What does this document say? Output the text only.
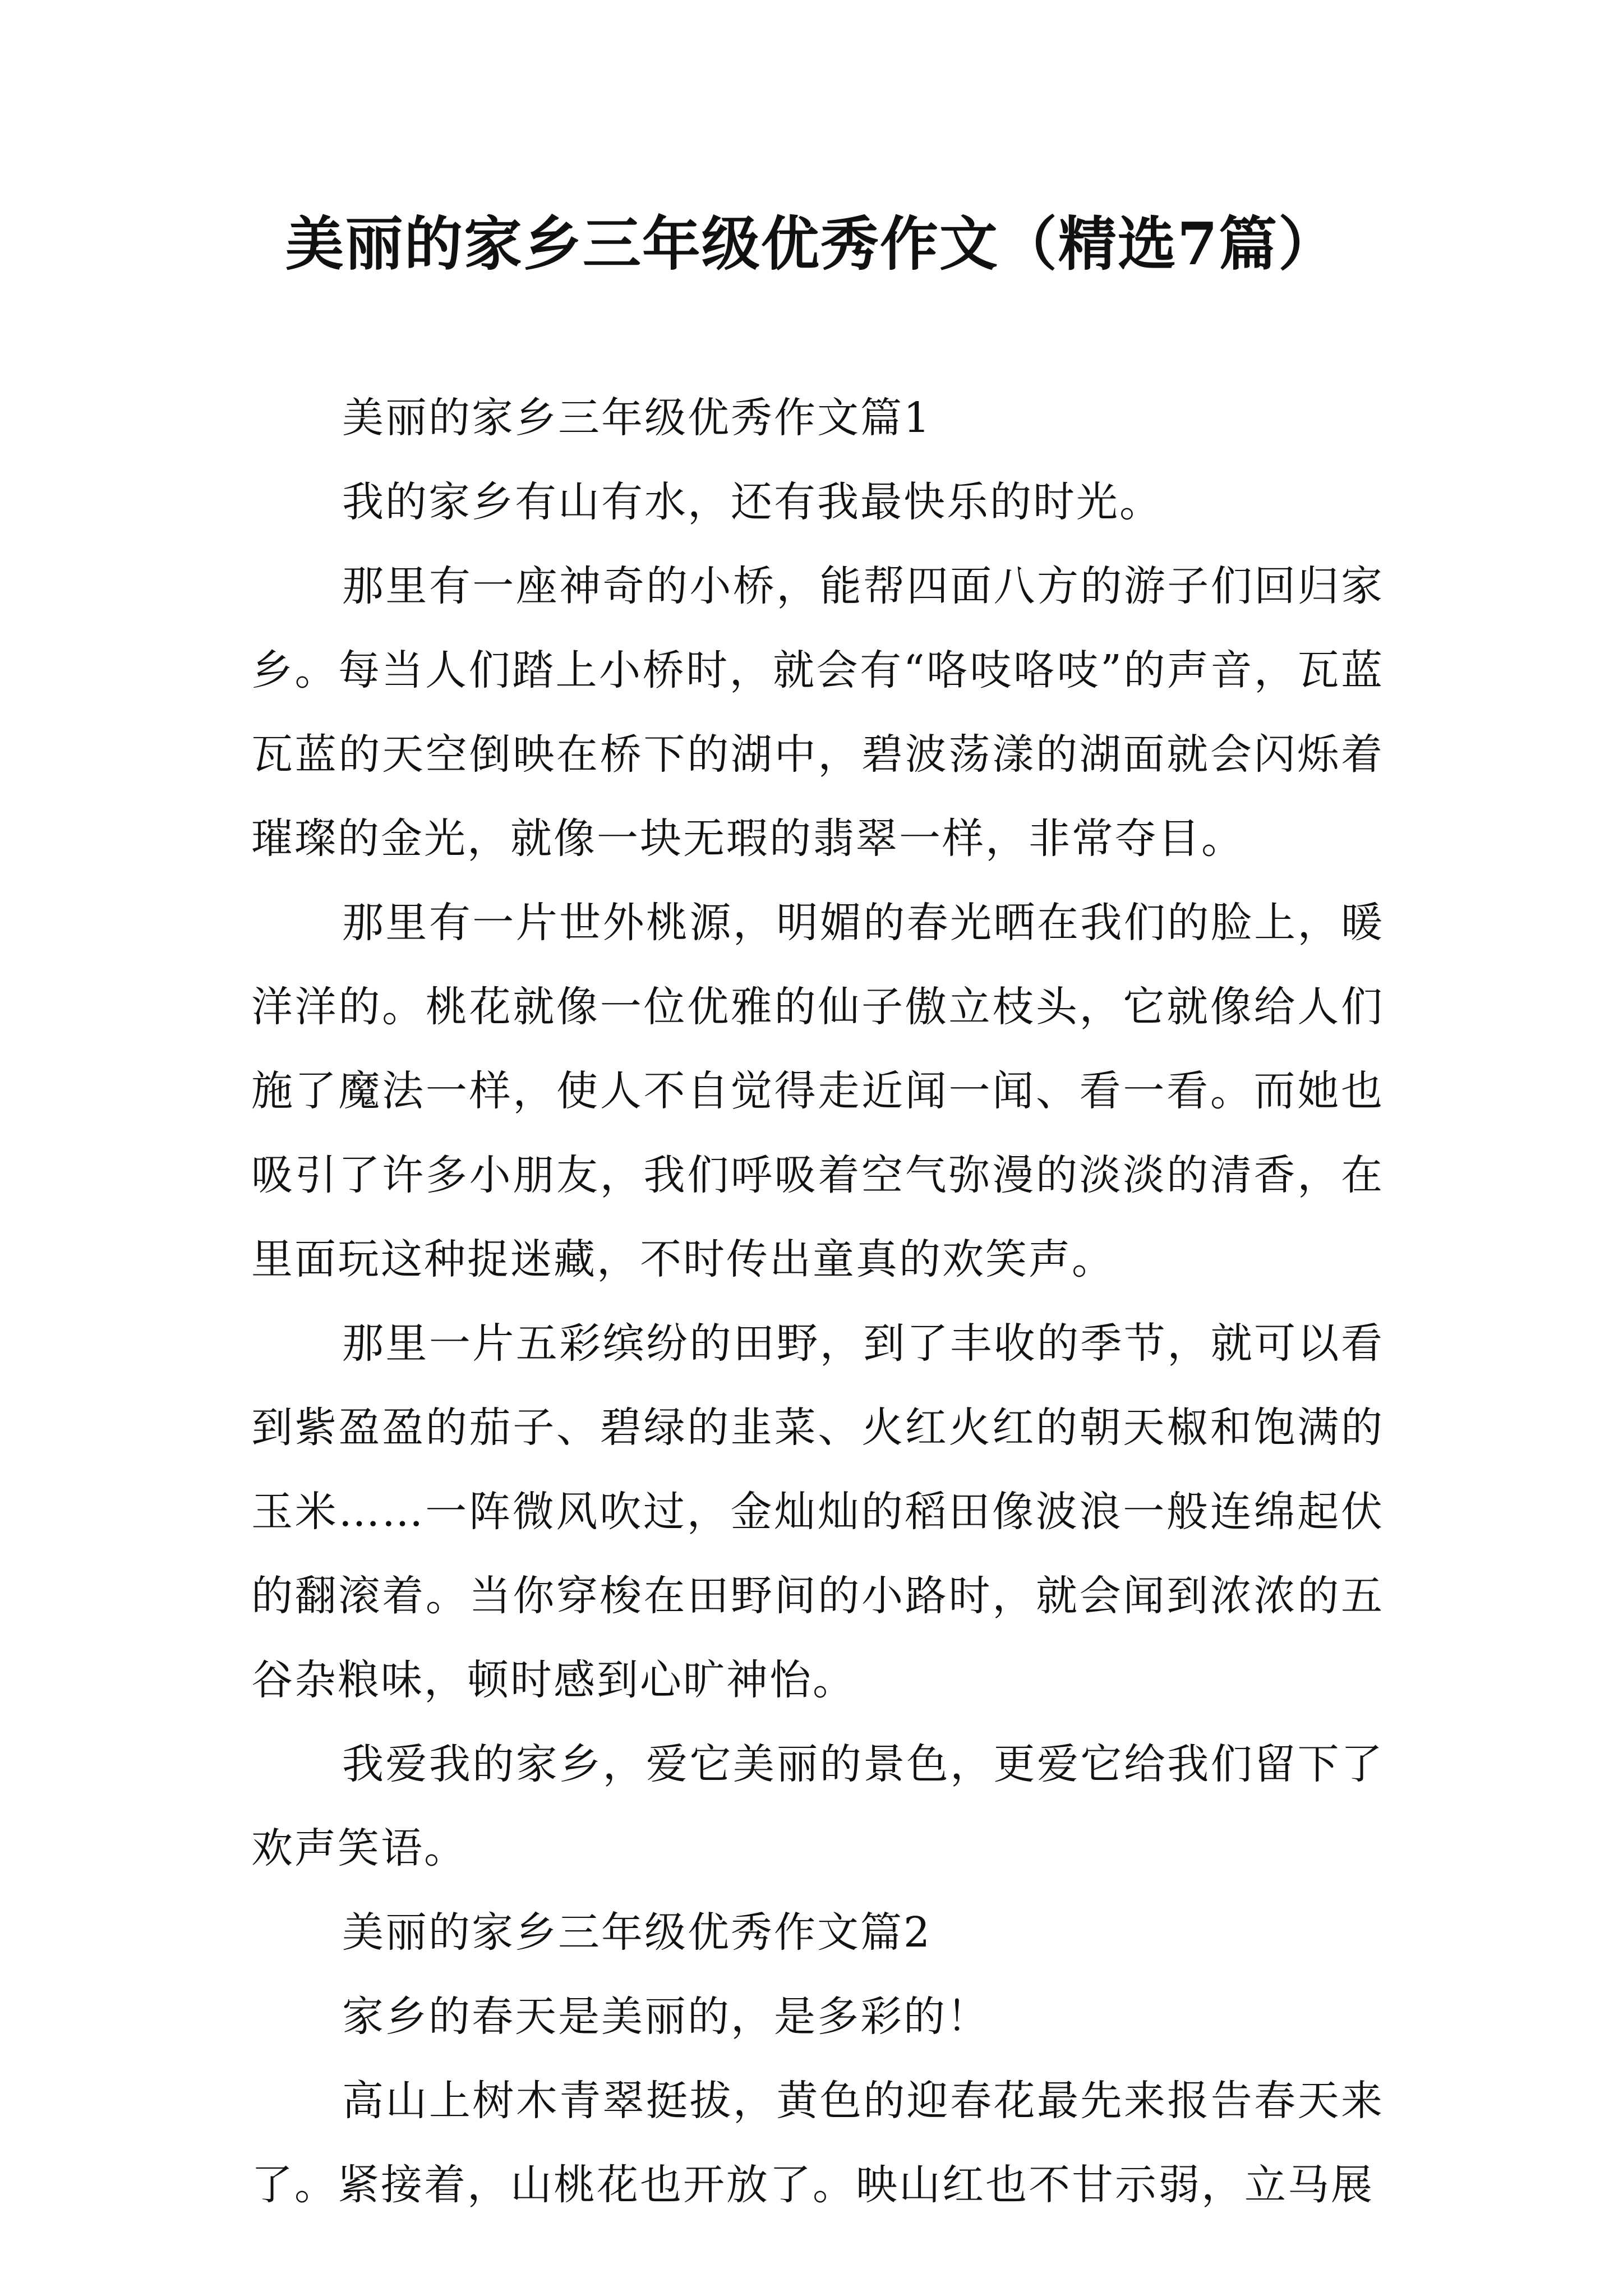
美丽的家乡三年级优秀作文（精选7篇）

美丽的家乡三年级优秀作文篇1

我的家乡有山有水，还有我最快乐的时光。

那里有一座神奇的小桥，能帮四面八方的游子们回归家乡。每当人们踏上小桥时，就会有“咯吱咯吱”的声音，瓦蓝瓦蓝的天空倒映在桥下的湖中，碧波荡漾的湖面就会闪烁着璀璨的金光，就像一块无瑕的翡翠一样，非常夺目。

那里有一片世外桃源，明媚的春光晒在我们的脸上，暖洋洋的。桃花就像一位优雅的仙子傲立枝头，它就像给人们施了魔法一样，使人不自觉得走近闻一闻、看一看。而她也吸引了许多小朋友，我们呼吸着空气弥漫的淡淡的清香，在里面玩这种捉迷藏，不时传出童真的欢笑声。

那里一片五彩缤纷的田野，到了丰收的季节，就可以看到紫盈盈的茄子、碧绿的韭菜、火红火红的朝天椒和饱满的玉米……一阵微风吹过，金灿灿的稻田像波浪一般连绵起伏的翻滚着。当你穿梭在田野间的小路时，就会闻到浓浓的五谷杂粮味，顿时感到心旷神怡。

我爱我的家乡，爱它美丽的景色，更爱它给我们留下了欢声笑语。

美丽的家乡三年级优秀作文篇2

家乡的春天是美丽的，是多彩的！

高山上树木青翠挺拔，黄色的迎春花最先来报告春天来了。紧接着，山桃花也开放了。映山红也不甘示弱，立马展
